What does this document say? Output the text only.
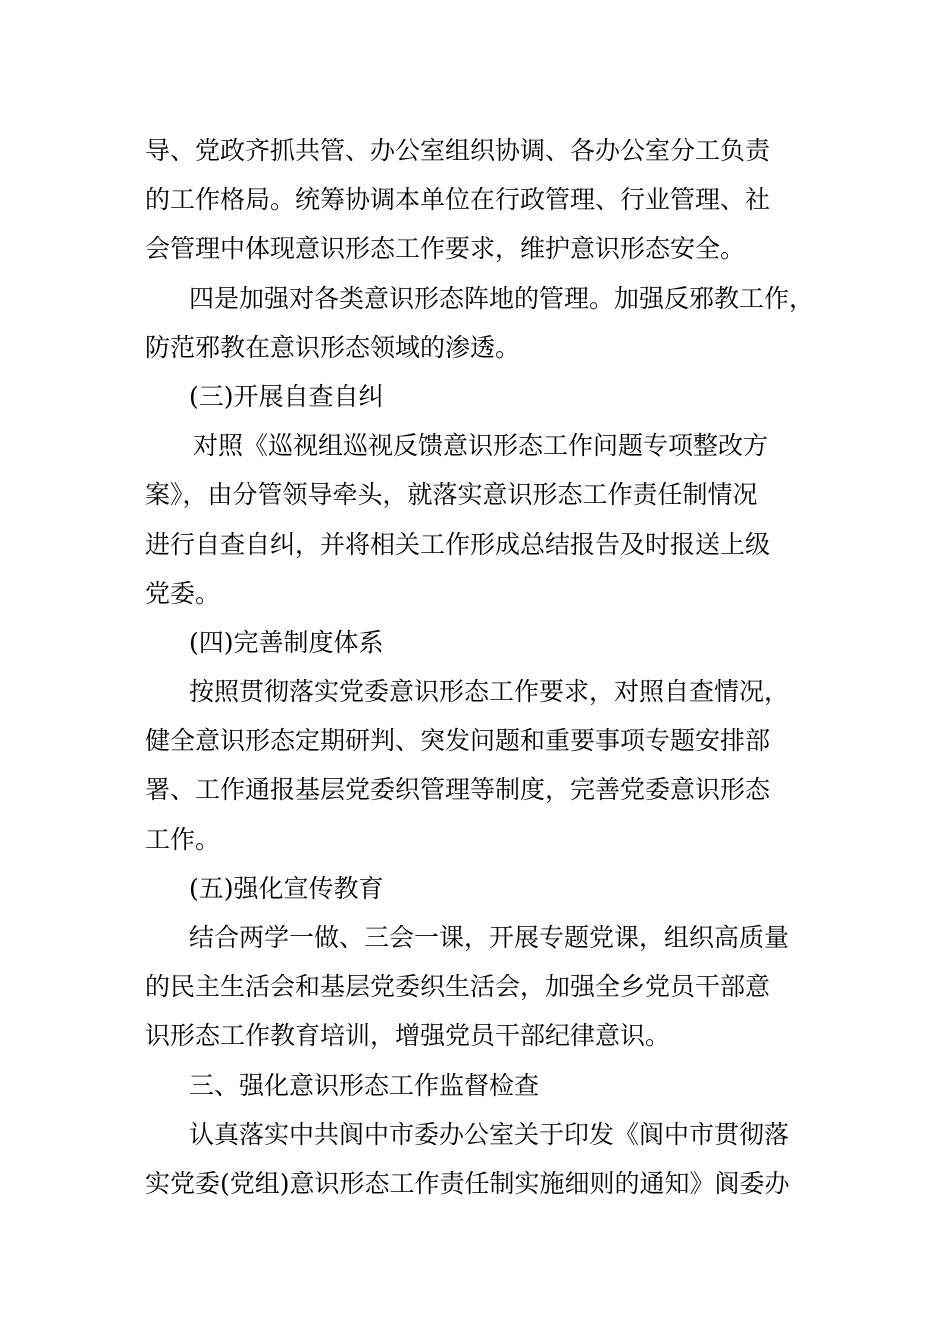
导、党政齐抓共管、办公室组织协调、各办公室分工负责
的工作格局。统筹协调本单位在行政管理、行业管理、社
会管理中体现意识形态工作要求，维护意识形态安全。
四是加强对各类意识形态阵地的管理。加强反邪教工作，
防范邪教在意识形态领域的渗透。
(三)开展自查自纠
对照《巡视组巡视反馈意识形态工作问题专项整改方
案》，由分管领导牵头，就落实意识形态工作责任制情况
进行自查自纠，并将相关工作形成总结报告及时报送上级
党委。
(四)完善制度体系
按照贯彻落实党委意识形态工作要求，对照自查情况，
健全意识形态定期研判、突发问题和重要事项专题安排部
署、工作通报基层党委织管理等制度，完善党委意识形态
工作。
(五)强化宣传教育
结合两学一做、三会一课，开展专题党课，组织高质量
的民主生活会和基层党委织生活会，加强全乡党员干部意
识形态工作教育培训，增强党员干部纪律意识。
三、强化意识形态工作监督检查
认真落实中共阆中市委办公室关于印发《阆中市贯彻落
实党委(党组)意识形态工作责任制实施细则的通知》阆委办
